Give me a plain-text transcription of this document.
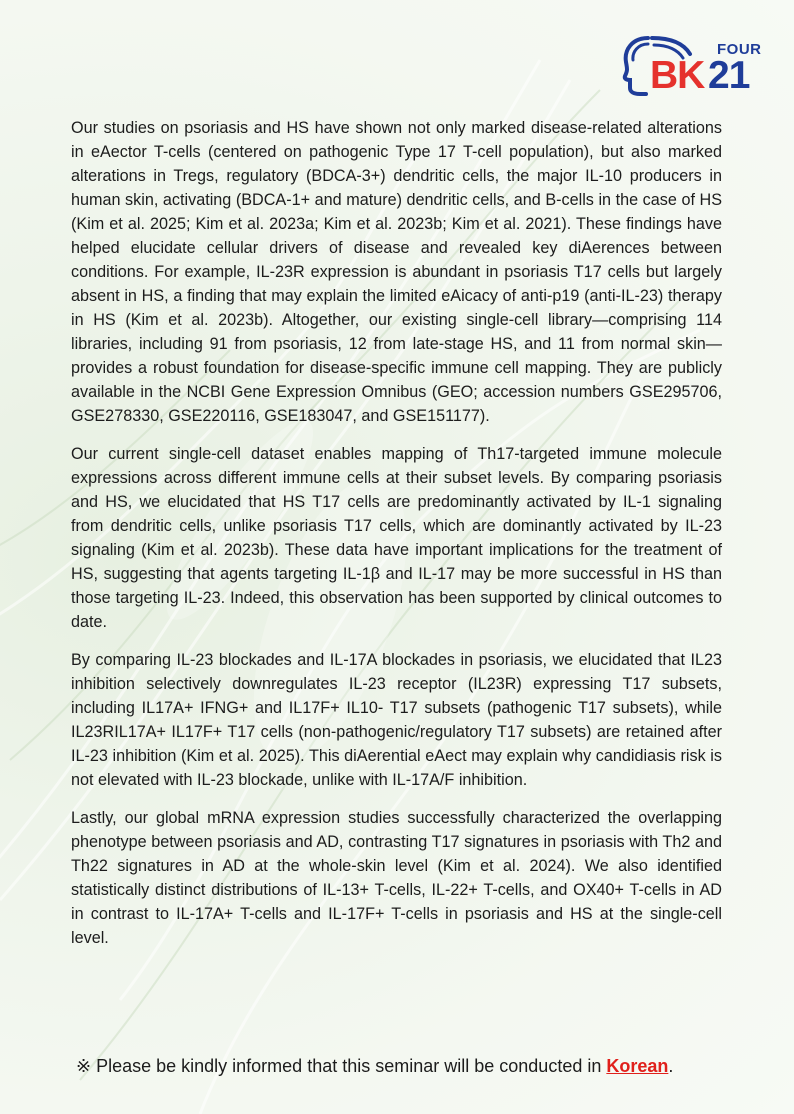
FOUR
BK 21

Our studies on psoriasis and HS have shown not only marked disease-related alterations in eAector T-cells (centered on pathogenic Type 17 T-cell population), but also marked alterations in Tregs, regulatory (BDCA-3+) dendritic cells, the major IL-10 producers in human skin, activating (BDCA-1+ and mature) dendritic cells, and B-cells in the case of HS (Kim et al. 2025; Kim et al. 2023a; Kim et al. 2023b; Kim et al. 2021). These findings have helped elucidate cellular drivers of disease and revealed key diAerences between conditions. For example, IL-23R expression is abundant in psoriasis T17 cells but largely absent in HS, a finding that may explain the limited eAicacy of anti-p19 (anti-IL-23) therapy in HS (Kim et al. 2023b). Altogether, our existing single-cell library—comprising 114 libraries, including 91 from psoriasis, 12 from late-stage HS, and 11 from normal skin— provides a robust foundation for disease-specific immune cell mapping. They are publicly available in the NCBI Gene Expression Omnibus (GEO; accession numbers GSE295706, GSE278330, GSE220116, GSE183047, and GSE151177).

Our current single-cell dataset enables mapping of Th17-targeted immune molecule expressions across different immune cells at their subset levels. By comparing psoriasis and HS, we elucidated that HS T17 cells are predominantly activated by IL-1 signaling from dendritic cells, unlike psoriasis T17 cells, which are dominantly activated by IL-23 signaling (Kim et al. 2023b). These data have important implications for the treatment of HS, suggesting that agents targeting IL-1β and IL-17 may be more successful in HS than those targeting IL-23. Indeed, this observation has been supported by clinical outcomes to date.

By comparing IL-23 blockades and IL-17A blockades in psoriasis, we elucidated that IL23 inhibition selectively downregulates IL-23 receptor (IL23R) expressing T17 subsets, including IL17A+ IFNG+ and IL17F+ IL10- T17 subsets (pathogenic T17 subsets), while IL23RIL17A+ IL17F+ T17 cells (non-pathogenic/regulatory T17 subsets) are retained after IL-23 inhibition (Kim et al. 2025). This diAerential eAect may explain why candidiasis risk is not elevated with IL-23 blockade, unlike with IL-17A/F inhibition.

Lastly, our global mRNA expression studies successfully characterized the overlapping phenotype between psoriasis and AD, contrasting T17 signatures in psoriasis with Th2 and Th22 signatures in AD at the whole-skin level (Kim et al. 2024). We also identified statistically distinct distributions of IL-13+ T-cells, IL-22+ T-cells, and OX40+ T-cells in AD in contrast to IL-17A+ T-cells and IL-17F+ T-cells in psoriasis and HS at the single-cell level.

※ Please be kindly informed that this seminar will be conducted in Korean.
